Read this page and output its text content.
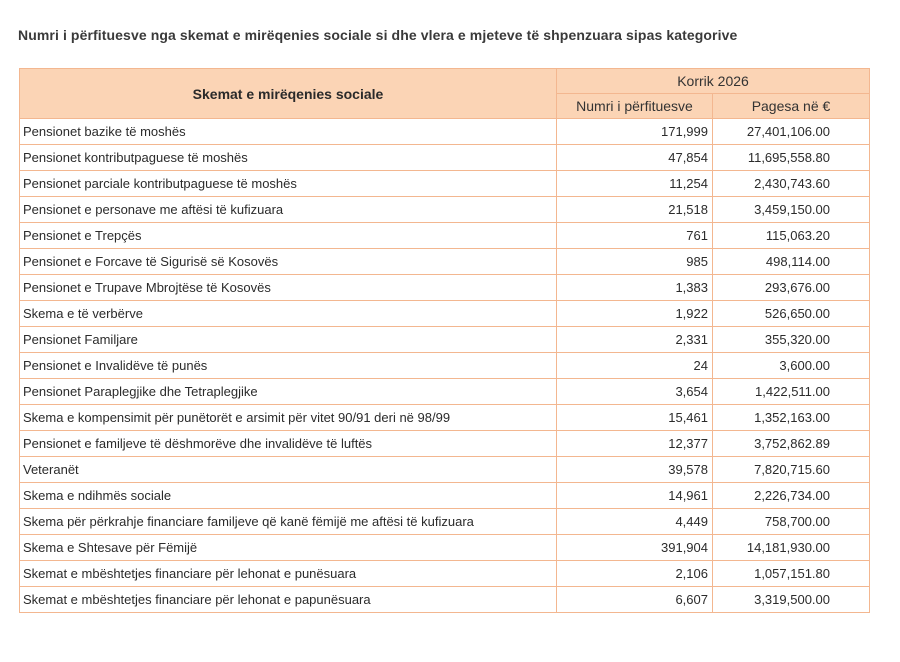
Numri i përfituesve nga skemat e mirëqenies sociale si dhe vlera e mjeteve të shpenzuara sipas kategorive
Skemat e mirëqenies sociale	Korrik 2026	
	Numri i përfituesve	Pagesa në €
Pensionet bazike të moshës	171,999	27,401,106.00
Pensionet kontributpaguese të moshës	47,854	11,695,558.80
Pensionet parciale kontributpaguese të moshës	11,254	2,430,743.60
Pensionet e personave me aftësi të kufizuara	21,518	3,459,150.00
Pensionet e Trepçës	761	115,063.20
Pensionet e Forcave të Sigurisë së Kosovës	985	498,114.00
Pensionet e Trupave Mbrojtëse të Kosovës	1,383	293,676.00
Skema e të verbërve	1,922	526,650.00
Pensionet Familjare	2,331	355,320.00
Pensionet e Invalidëve të punës	24	3,600.00
Pensionet Paraplegjike dhe Tetraplegjike	3,654	1,422,511.00
Skema e kompensimit për punëtorët e arsimit për vitet 90/91 deri në 98/99	15,461	1,352,163.00
Pensionet e familjeve të dëshmorëve dhe invalidëve të luftës	12,377	3,752,862.89
Veteranët	39,578	7,820,715.60
Skema e ndihmës sociale	14,961	2,226,734.00
Skema për përkrahje financiare familjeve që kanë fëmijë me aftësi të kufizuara	4,449	758,700.00
Skema e Shtesave për Fëmijë	391,904	14,181,930.00
Skemat e mbështetjes financiare për lehonat e punësuara	2,106	1,057,151.80
Skemat e mbështetjes financiare për lehonat e papunësuara	6,607	3,319,500.00
